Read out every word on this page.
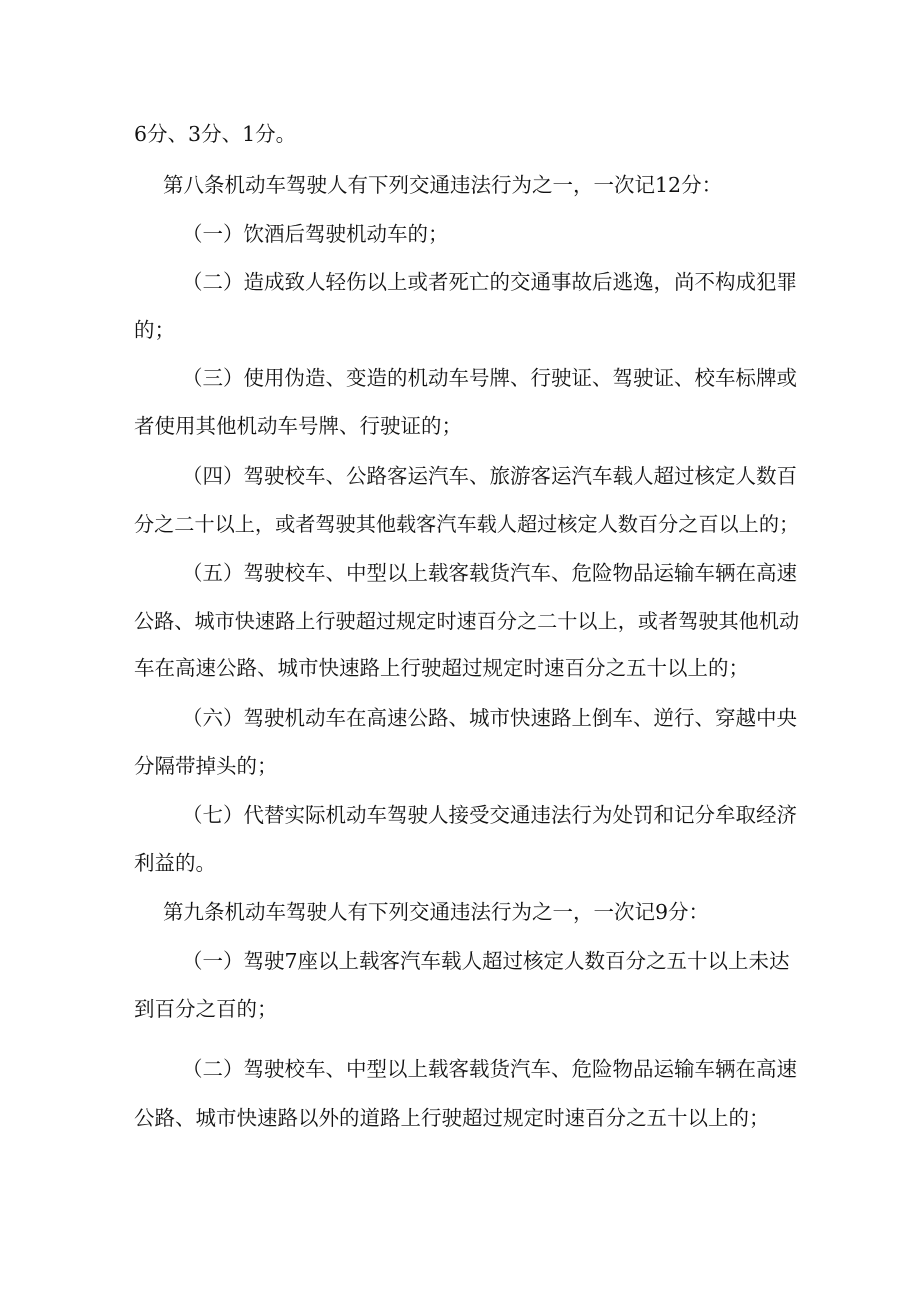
6分、3分、1分。

第八条机动车驾驶人有下列交通违法行为之一，一次记12分：

（一）饮酒后驾驶机动车的；

（二）造成致人轻伤以上或者死亡的交通事故后逃逸，尚不构成犯罪

的；

（三）使用伪造、变造的机动车号牌、行驶证、驾驶证、校车标牌或

者使用其他机动车号牌、行驶证的；

（四）驾驶校车、公路客运汽车、旅游客运汽车载人超过核定人数百

分之二十以上，或者驾驶其他载客汽车载人超过核定人数百分之百以上的；

（五）驾驶校车、中型以上载客载货汽车、危险物品运输车辆在高速

公路、城市快速路上行驶超过规定时速百分之二十以上，或者驾驶其他机动

车在高速公路、城市快速路上行驶超过规定时速百分之五十以上的；

（六）驾驶机动车在高速公路、城市快速路上倒车、逆行、穿越中央

分隔带掉头的；

（七）代替实际机动车驾驶人接受交通违法行为处罚和记分牟取经济

利益的。

第九条机动车驾驶人有下列交通违法行为之一，一次记9分：

（一）驾驶7座以上载客汽车载人超过核定人数百分之五十以上未达

到百分之百的；

（二）驾驶校车、中型以上载客载货汽车、危险物品运输车辆在高速

公路、城市快速路以外的道路上行驶超过规定时速百分之五十以上的；
